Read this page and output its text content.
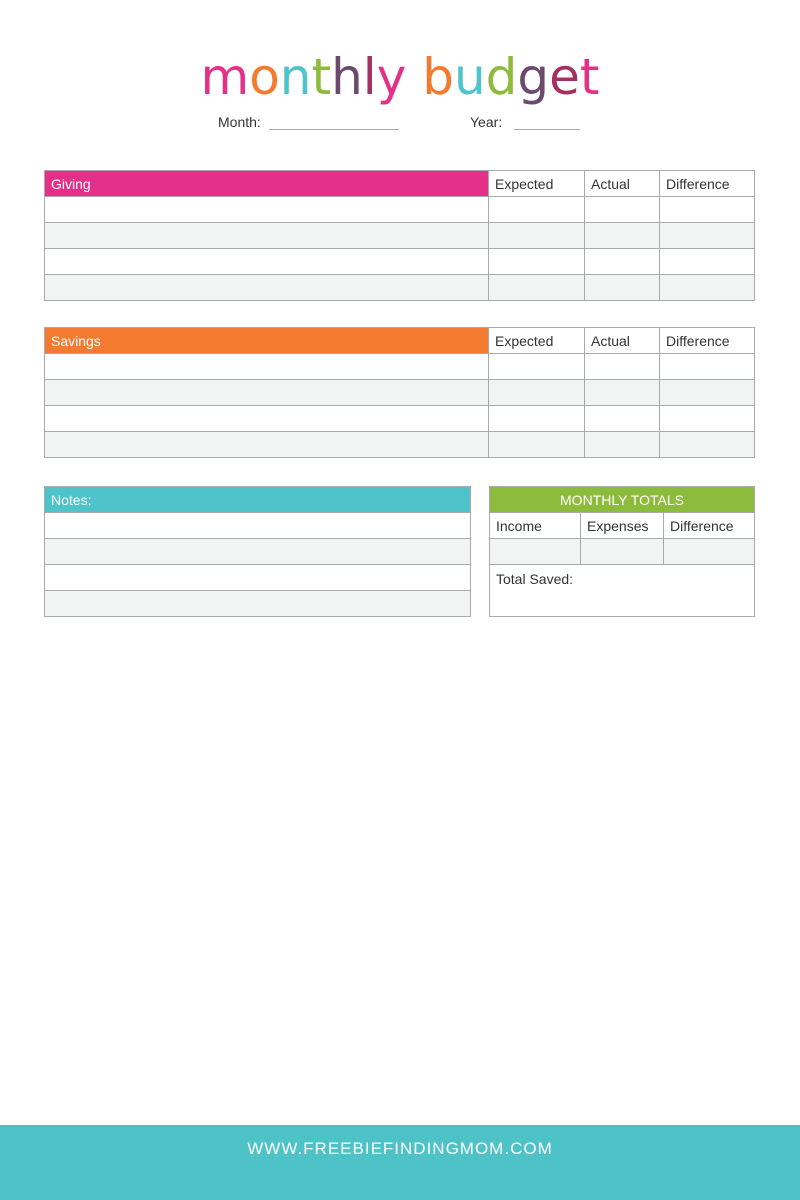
monthly budget
Month:	Year:
Giving	Expected	Actual	Difference

Savings	Expected	Actual	Difference

Notes:	MONTHLY TOTALS		
Income	Expenses	Difference

Total Saved:		
WWW.FREEBIEFINDINGMOM.COM
